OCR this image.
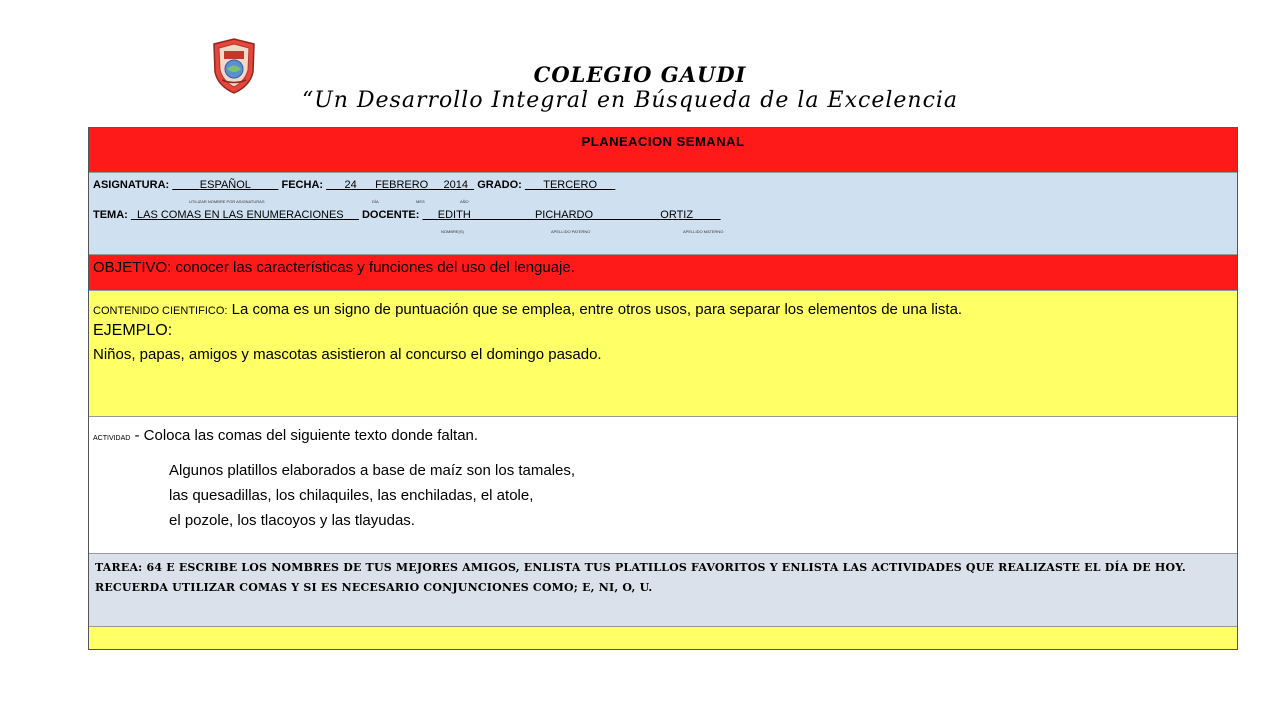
COLEGIO GAUDI
“Un Desarrollo Integral en Búsqueda de la Excelencia
PLANEACION SEMANAL
ASIGNATURA:	ESPAÑOL	FECHA: 24 FEBRERO 2014 GRADO: TERCERO
UTILIZAR NOMBRE POR ASIGNATURAS	DÍA	MES	AÑO
TEMA: LAS COMAS EN LAS ENUMERACIONES DOCENTE: EDITH	PICHARDO	ORTIZ
NOMBRE(S)	APELLIDO PATERNO	APELLIDO MATERNO
OBJETIVO: conocer las características y funciones del uso del lenguaje.
CONTENIDO CIENTIFICO: La coma es un signo de puntuación que se emplea, entre otros usos, para separar los elementos de una lista.
EJEMPLO:
Niños, papas, amigos y mascotas asistieron al concurso el domingo pasado.
ACTIVIDAD - Coloca las comas del siguiente texto donde faltan.
Algunos platillos elaborados a base de maíz son los tamales,
las quesadillas, los chilaquiles, las enchiladas, el atole,
el pozole, los tlacoyos y las tlayudas.
TAREA: 64 E ESCRIBE LOS NOMBRES DE TUS MEJORES AMIGOS, ENLISTA TUS PLATILLOS FAVORITOS Y ENLISTA LAS ACTIVIDADES QUE REALIZASTE EL DÍA DE HOY. RECUERDA UTILIZAR COMAS Y SI ES NECESARIO CONJUNCIONES COMO; E, NI, O, U.
